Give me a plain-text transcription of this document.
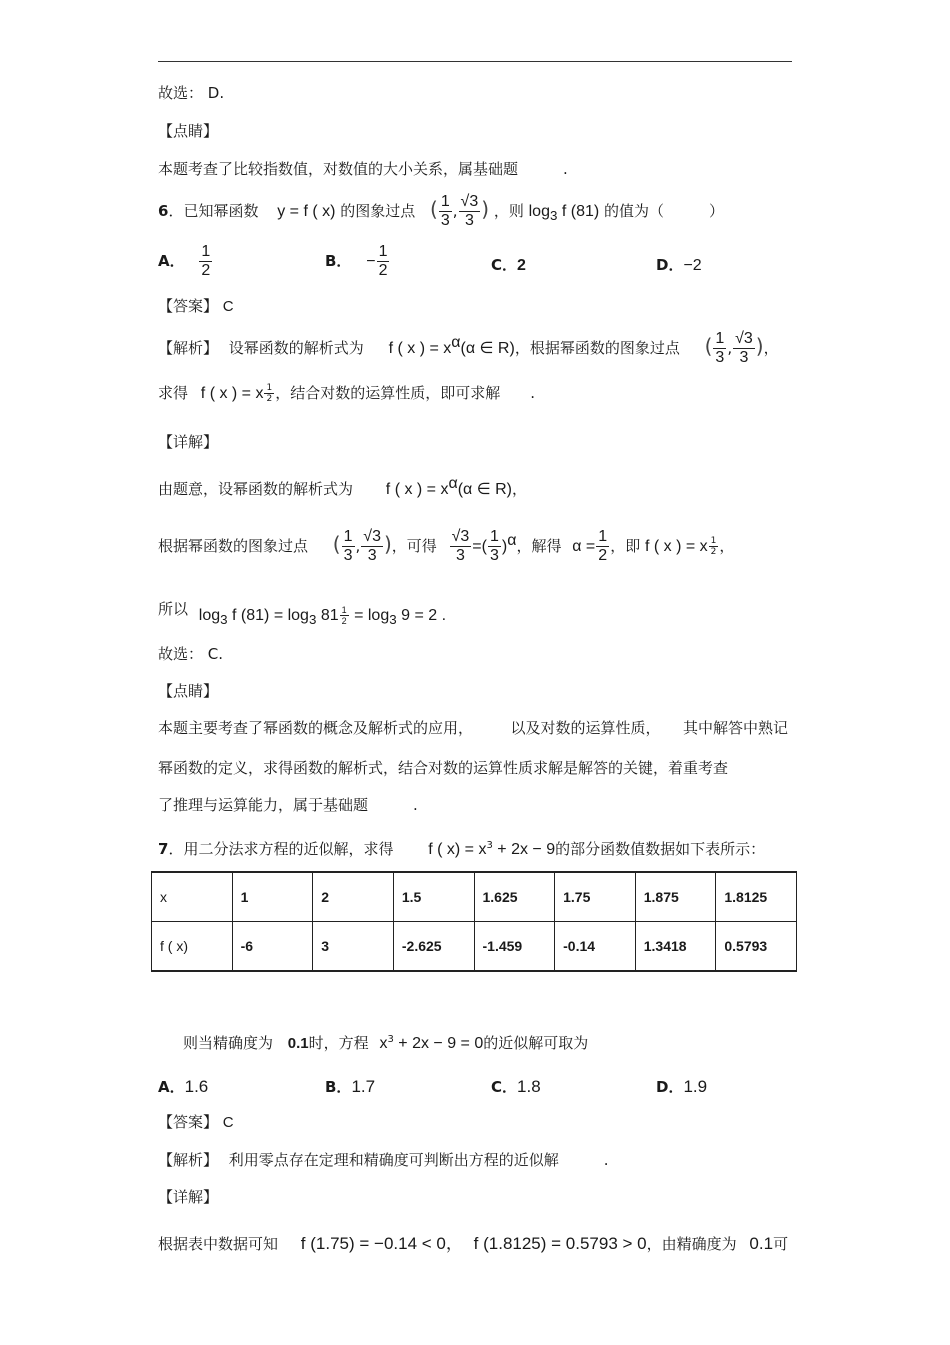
故选： D.
【点睛】
本题考查了比较指数值，对数值的大小关系，属基础题　　　.
6．已知幂函数 y = f ( x) 的图象过点 ( $\frac{1}{3}$ , $\frac{√3}{3}$ ) ，则 $\log_3 f$ (81) 的值为（　　　）
A． $\frac{1}{2}$	B． − $\frac{1}{2}$	C．2	D．−2
【答案】 C
【解析】 设幂函数的解析式为 f ( x ) = $x^\alpha(\alpha$ ∈ R)，根据幂函数的图象过点 ( $\frac{1}{3}$ , $\frac{√3}{3}$ )，
求得 f ( x ) = x $\frac{1}{2}$ ，结合对数的运算性质，即可求解　　.
【详解】
由题意，设幂函数的解析式为 f ( x ) = $x^\alpha(\alpha$ ∈ R)，
根据幂函数的图象过点 ( $\frac{1}{3}$ , $\frac{√3}{3}$ )，可得 $\frac{√3}{3}$ =( $\frac{1}{3} )^\alpha$，解得 $\alpha = \frac{1}{2}$ ，即 f ( x ) = x $\frac{1}{2}$ ，
所以 $\log_3 f$ $(81) = \log_3 81 \frac{1}{2} = \log_3 9 = 2$ .
故选： C.
【点睛】
本题主要考查了幂函数的概念及解析式的应用，　　　以及对数的运算性质，　　其中解答中熟记
幂函数的定义，求得函数的解析式，结合对数的运算性质求解是解答的关键，着重考查
了推理与运算能力，属于基础题　　　.
7．用二分法求方程的近似解，求得 f ( $x) = x^3 + 2x - 9$的部分函数值数据如下表所示：
x	1	2	1.5	1.625	1.75	1.875	1.8125
f ( x)	-6	3	-2.625	-1.459	-0.14	1.3418	0.5793
则当精确度为 0.1时，方程 $x^3 + 2x - 9 = 0$的近似解可取为
A．1.6	B．1.7	C．1.8	D．1.9
【答案】 C
【解析】 利用零点存在定理和精确度可判断出方程的近似解　　　.
【详解】
根据表中数据可知 f (1.75) = −0.14 < 0， f (1.8125) = 0.5793 > 0，由精确度为 0.1可
